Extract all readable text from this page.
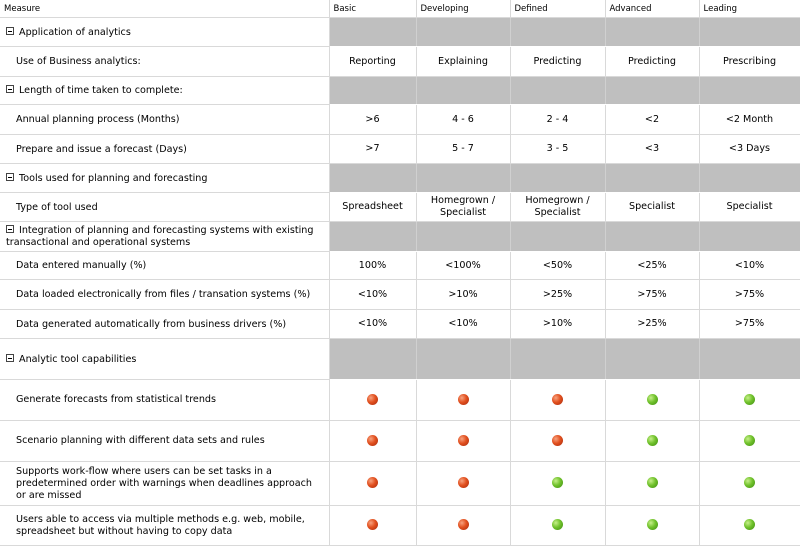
Measure	Basic	Developing	Defined	Advanced	Leading
Application of analytics					
Use of Business analytics:	Reporting	Explaining	Predicting	Predicting	Prescribing
Length of time taken to complete:					
Annual planning process (Months)	>6	4 - 6	2 - 4	<2	<2 Month
Prepare and issue a forecast (Days)	>7	5 - 7	3 - 5	<3	<3 Days
Tools used for planning and forecasting					
Type of tool used	Spreadsheet	Homegrown / Specialist	Homegrown / Specialist	Specialist	Specialist
Integration of planning and forecasting systems with existing transactional and operational systems					
Data entered manually (%)	100%	<100%	<50%	<25%	<10%
Data loaded electronically from files / transation systems (%)	<10%	>10%	>25%	>75%	>75%
Data generated automatically from business drivers (%)	<10%	<10%	>10%	>25%	>75%
Analytic tool capabilities					
Generate forecasts from statistical trends					
Scenario planning with different data sets and rules					
Supports work-flow where users can be set tasks in a predetermined order with warnings when deadlines approach or are missed					
Users able to access via multiple methods e.g. web, mobile, spreadsheet but without having to copy data					
